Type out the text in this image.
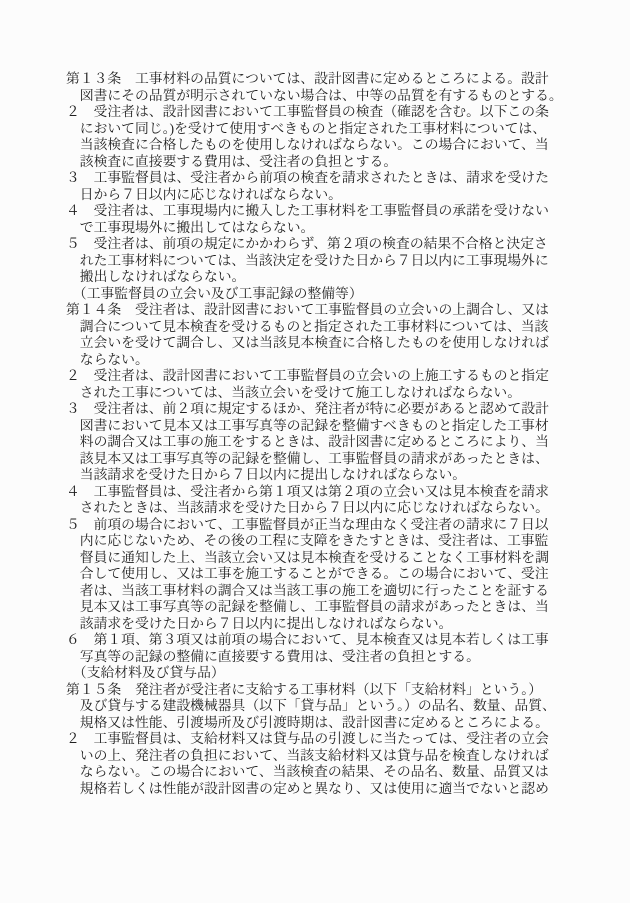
第１３条　工事材料の品質については、設計図書に定めるところによる。設計
　図書にその品質が明示されていない場合は、中等の品質を有するものとする。
２　受注者は、設計図書において工事監督員の検査（確認を含む。以下この条
　において同じ。)を受けて使用すべきものと指定された工事材料については、
　当該検査に合格したものを使用しなければならない。この場合において、当
　該検査に直接要する費用は、受注者の負担とする。
３　工事監督員は、受注者から前項の検査を請求されたときは、請求を受けた
　日から７日以内に応じなければならない。
４　受注者は、工事現場内に搬入した工事材料を工事監督員の承諾を受けない
　で工事現場外に搬出してはならない。
５　受注者は、前項の規定にかかわらず、第２項の検査の結果不合格と決定さ
　れた工事材料については、当該決定を受けた日から７日以内に工事現場外に
　搬出しなければならない。
　（工事監督員の立会い及び工事記録の整備等）
第１４条　受注者は、設計図書において工事監督員の立会いの上調合し、又は
　調合について見本検査を受けるものと指定された工事材料については、当該
　立会いを受けて調合し、又は当該見本検査に合格したものを使用しなければ
　ならない。
２　受注者は、設計図書において工事監督員の立会いの上施工するものと指定
　された工事については、当該立会いを受けて施工しなければならない。
３　受注者は、前２項に規定するほか、発注者が特に必要があると認めて設計
　図書において見本又は工事写真等の記録を整備すべきものと指定した工事材
　料の調合又は工事の施工をするときは、設計図書に定めるところにより、当
　該見本又は工事写真等の記録を整備し、工事監督員の請求があったときは、
　当該請求を受けた日から７日以内に提出しなければならない。
４　工事監督員は、受注者から第１項又は第２項の立会い又は見本検査を請求
　されたときは、当該請求を受けた日から７日以内に応じなければならない。
５　前項の場合において、工事監督員が正当な理由なく受注者の請求に７日以
　内に応じないため、その後の工程に支障をきたすときは、受注者は、工事監
　督員に通知した上、当該立会い又は見本検査を受けることなく工事材料を調
　合して使用し、又は工事を施工することができる。この場合において、受注
　者は、当該工事材料の調合又は当該工事の施工を適切に行ったことを証する
　見本又は工事写真等の記録を整備し、工事監督員の請求があったときは、当
　該請求を受けた日から７日以内に提出しなければならない。
６　第１項、第３項又は前項の場合において、見本検査又は見本若しくは工事
　写真等の記録の整備に直接要する費用は、受注者の負担とする。
　（支給材料及び貸与品）
第１５条　発注者が受注者に支給する工事材料（以下「支給材料」という。）
　及び貸与する建設機械器具（以下「貸与品」という。）の品名、数量、品質、
　規格又は性能、引渡場所及び引渡時期は、設計図書に定めるところによる。
２　工事監督員は、支給材料又は貸与品の引渡しに当たっては、受注者の立会
　いの上、発注者の負担において、当該支給材料又は貸与品を検査しなければ
　ならない。この場合において、当該検査の結果、その品名、数量、品質又は
　規格若しくは性能が設計図書の定めと異なり、又は使用に適当でないと認め
